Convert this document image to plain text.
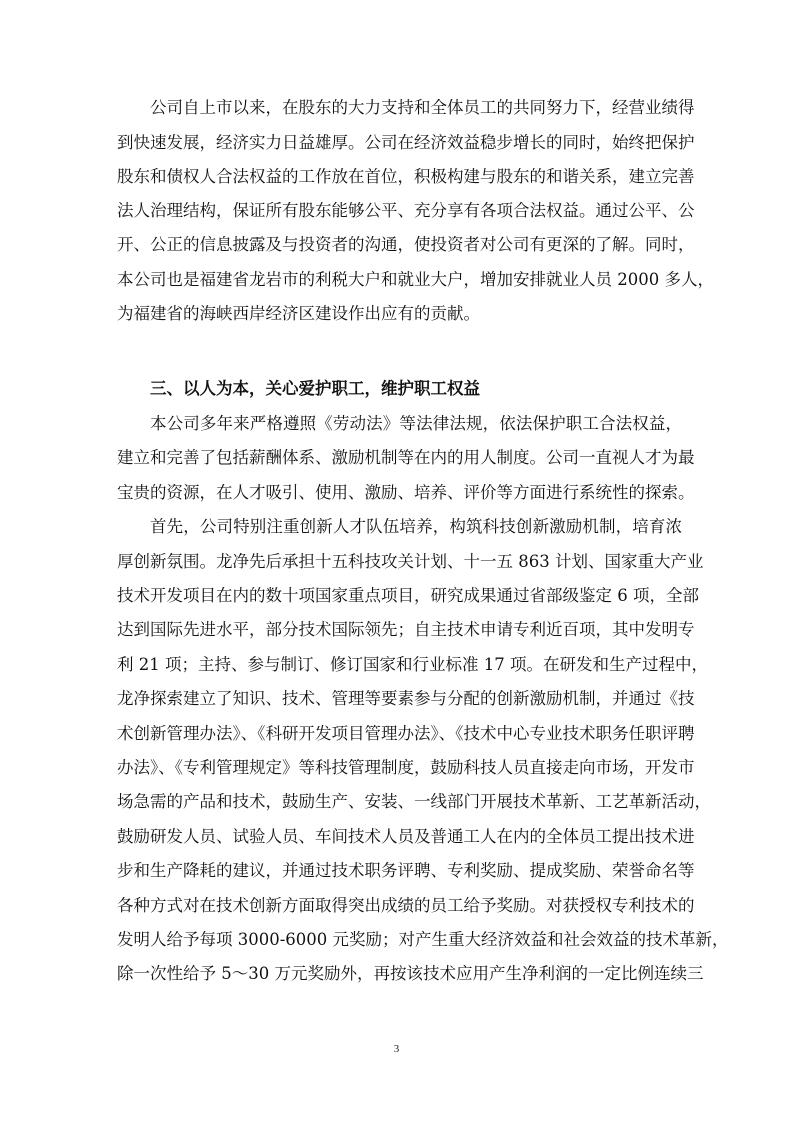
公司自上市以来，在股东的大力支持和全体员工的共同努力下，经营业绩得
到快速发展，经济实力日益雄厚。公司在经济效益稳步增长的同时，始终把保护
股东和债权人合法权益的工作放在首位，积极构建与股东的和谐关系，建立完善
法人治理结构，保证所有股东能够公平、充分享有各项合法权益。通过公平、公
开、公正的信息披露及与投资者的沟通，使投资者对公司有更深的了解。同时，
本公司也是福建省龙岩市的利税大户和就业大户，增加安排就业人员 2000 多人，
为福建省的海峡西岸经济区建设作出应有的贡献。
三、以人为本，关心爱护职工，维护职工权益
本公司多年来严格遵照《劳动法》等法律法规，依法保护职工合法权益，
建立和完善了包括薪酬体系、激励机制等在内的用人制度。公司一直视人才为最
宝贵的资源，在人才吸引、使用、激励、培养、评价等方面进行系统性的探索。
首先，公司特别注重创新人才队伍培养，构筑科技创新激励机制，培育浓
厚创新氛围。龙净先后承担十五科技攻关计划、十一五 863 计划、国家重大产业
技术开发项目在内的数十项国家重点项目，研究成果通过省部级鉴定 6 项，全部
达到国际先进水平，部分技术国际领先；自主技术申请专利近百项，其中发明专
利 21 项；主持、参与制订、修订国家和行业标准 17 项。在研发和生产过程中，
龙净探索建立了知识、技术、管理等要素参与分配的创新激励机制，并通过《技
术创新管理办法》、《科研开发项目管理办法》、《技术中心专业技术职务任职评聘
办法》、《专利管理规定》等科技管理制度，鼓励科技人员直接走向市场，开发市
场急需的产品和技术，鼓励生产、安装、一线部门开展技术革新、工艺革新活动，
鼓励研发人员、试验人员、车间技术人员及普通工人在内的全体员工提出技术进
步和生产降耗的建议，并通过技术职务评聘、专利奖励、提成奖励、荣誉命名等
各种方式对在技术创新方面取得突出成绩的员工给予奖励。对获授权专利技术的
发明人给予每项 3000-6000 元奖励；对产生重大经济效益和社会效益的技术革新，
除一次性给予 5～30 万元奖励外，再按该技术应用产生净利润的一定比例连续三
3
